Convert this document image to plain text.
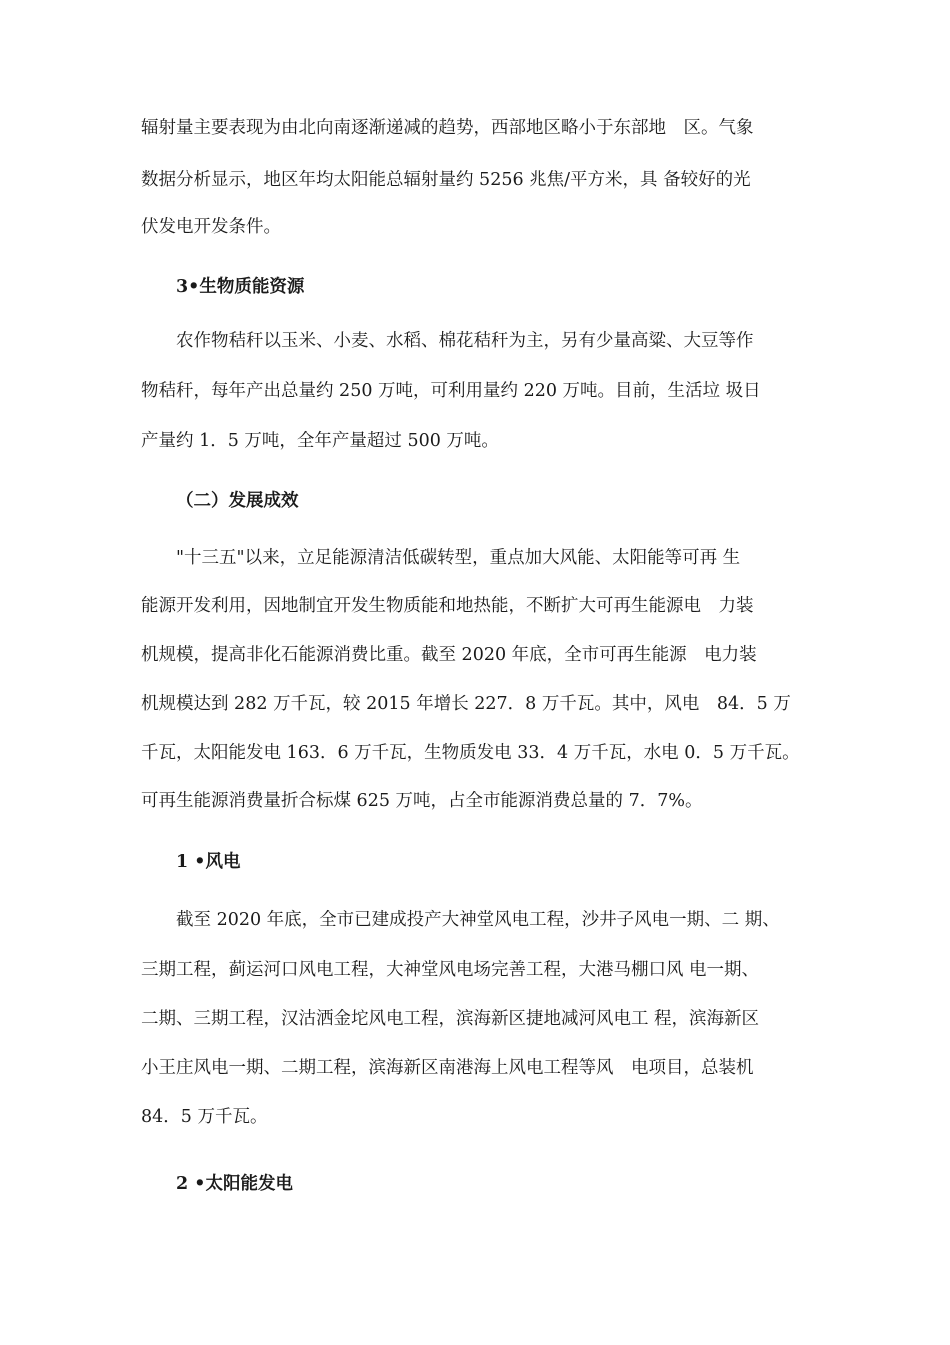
辐射量主要表现为由北向南逐渐递减的趋势，西部地区略小于东部地　区。气象
数据分析显示，地区年均太阳能总辐射量约 5256 兆焦/平方米，具 备较好的光
伏发电开发条件。
3•生物质能资源
农作物秸秆以玉米、小麦、水稻、棉花秸秆为主，另有少量高粱、大豆等作
物秸秆，每年产出总量约 250 万吨，可利用量约 220 万吨。目前，生活垃 圾日
产量约 1．5 万吨，全年产量超过 500 万吨。
（二）发展成效
"十三五"以来，立足能源清洁低碳转型，重点加大风能、太阳能等可再 生
能源开发利用，因地制宜开发生物质能和地热能，不断扩大可再生能源电　力装
机规模，提高非化石能源消费比重。截至 2020 年底，全市可再生能源　电力装
机规模达到 282 万千瓦，较 2015 年增长 227．8 万千瓦。其中，风电　84．5 万
千瓦，太阳能发电 163．6 万千瓦，生物质发电 33．4 万千瓦，水电 0．5 万千瓦。
可再生能源消费量折合标煤 625 万吨，占全市能源消费总量的 7．7%。
1 •风电
截至 2020 年底，全市已建成投产大神堂风电工程，沙井子风电一期、二 期、
三期工程，蓟运河口风电工程，大神堂风电场完善工程，大港马棚口风 电一期、
二期、三期工程，汉沽洒金坨风电工程，滨海新区捷地减河风电工 程，滨海新区
小王庄风电一期、二期工程，滨海新区南港海上风电工程等风　电项目，总装机
84．5 万千瓦。
2 •太阳能发电
